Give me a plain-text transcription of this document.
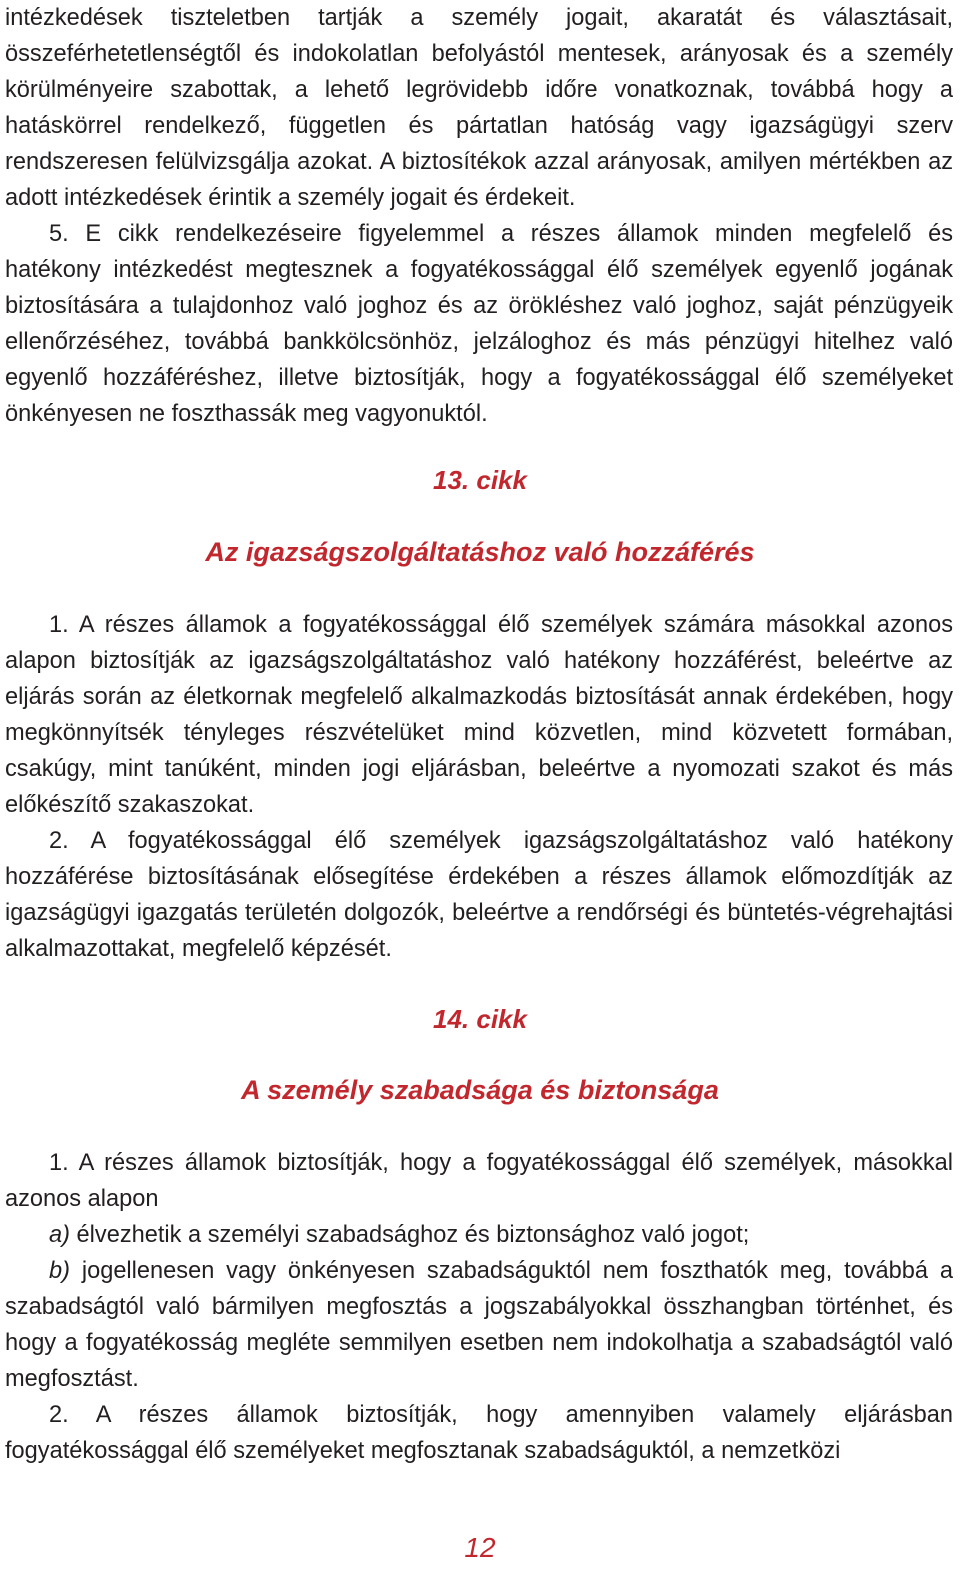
intézkedések tiszteletben tartják a személy jogait, akaratát és választásait, összeférhetetlenségtől és indokolatlan befolyástól mentesek, arányosak és a személy körülményeire szabottak, a lehető legrövidebb időre vonatkoznak, továbbá hogy a hatáskörrel rendelkező, független és pártatlan hatóság vagy igazságügyi szerv rendszeresen felülvizsgálja azokat. A biztosítékok azzal arányosak, amilyen mértékben az adott intézkedések érintik a személy jogait és érdekeit.

5. E cikk rendelkezéseire figyelemmel a részes államok minden megfelelő és hatékony intézkedést megtesznek a fogyatékossággal élő személyek egyenlő jogának biztosítására a tulajdonhoz való joghoz és az örökléshez való joghoz, saját pénzügyeik ellenőrzéséhez, továbbá bankkölcsönhöz, jelzáloghoz és más pénzügyi hitelhez való egyenlő hozzáféréshez, illetve biztosítják, hogy a fogyatékossággal élő személyeket önkényesen ne foszthassák meg vagyonuktól.

13. cikk
Az igazságszolgáltatáshoz való hozzáférés

1. A részes államok a fogyatékossággal élő személyek számára másokkal azonos alapon biztosítják az igazságszolgáltatáshoz való hatékony hozzáférést, beleértve az eljárás során az életkornak megfelelő alkalmazkodás biztosítását annak érdekében, hogy megkönnyítsék tényleges részvételüket mind közvetlen, mind közvetett formában, csakúgy, mint tanúként, minden jogi eljárásban, beleértve a nyomozati szakot és más előkészítő szakaszokat.

2. A fogyatékossággal élő személyek igazságszolgáltatáshoz való hatékony hozzáférése biztosításának elősegítése érdekében a részes államok előmozdítják az igazságügyi igazgatás területén dolgozók, beleértve a rendőrségi és büntetés-végrehajtási alkalmazottakat, megfelelő képzését.

14. cikk
A személy szabadsága és biztonsága

1. A részes államok biztosítják, hogy a fogyatékossággal élő személyek, másokkal azonos alapon

a) élvezhetik a személyi szabadsághoz és biztonsághoz való jogot;

b) jogellenesen vagy önkényesen szabadságuktól nem foszthatók meg, továbbá a szabadságtól való bármilyen megfosztás a jogszabályokkal összhangban történhet, és hogy a fogyatékosság megléte semmilyen esetben nem indokolhatja a szabadságtól való megfosztást.

2. A részes államok biztosítják, hogy amennyiben valamely eljárásban fogyatékossággal élő személyeket megfosztanak szabadságuktól, a nemzetközi

12
